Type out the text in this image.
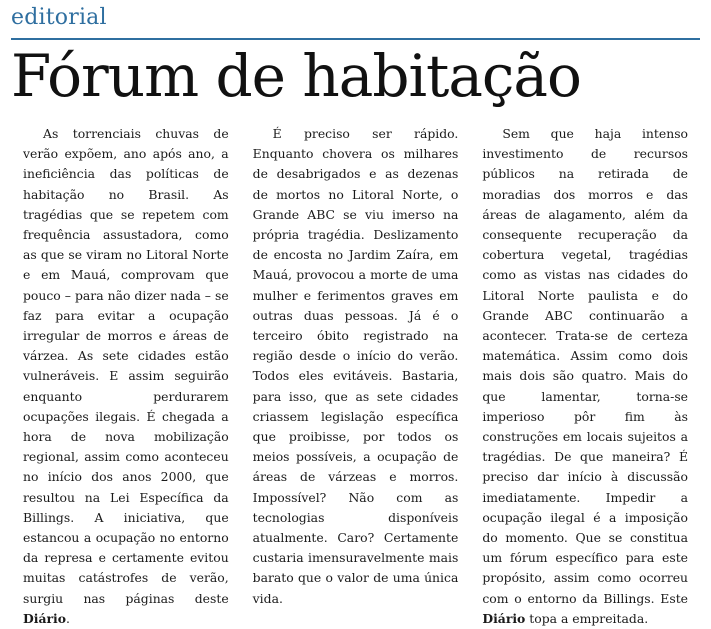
editorial
Fórum de habitação

As torrenciais chuvas de verão expõem, ano após ano, a ineficiência das políticas de habitação no Brasil. As tragédias que se repetem com frequência assustadora, como as que se viram no Litoral Norte e em Mauá, comprovam que pouco – para não dizer nada – se faz para evitar a ocupação irregular de morros e áreas de várzea. As sete cidades estão vulneráveis. E assim seguirão enquanto perdurarem ocupações ilegais. É chegada a hora de nova mobilização regional, assim como aconteceu no início dos anos 2000, que resultou na Lei Específica da Billings. A iniciativa, que estancou a ocupação no entorno da represa e certamente evitou muitas catástrofes de verão, surgiu nas páginas deste Diário.

É preciso ser rápido. Enquanto chovera os milhares de desabrigados e as dezenas de mortos no Litoral Norte, o Grande ABC se viu imerso na própria tragédia. Deslizamento de encosta no Jardim Zaíra, em Mauá, provocou a morte de uma mulher e ferimentos graves em outras duas pessoas. Já é o terceiro óbito registrado na região desde o início do verão. Todos eles evitáveis. Bastaria, para isso, que as sete cidades criassem legislação específica que proibisse, por todos os meios possíveis, a ocupação de áreas de várzeas e morros. Impossível? Não com as tecnologias disponíveis atualmente. Caro? Certamente custaria imensuravelmente mais barato que o valor de uma única vida.

Sem que haja intenso investimento de recursos públicos na retirada de moradias dos morros e das áreas de alagamento, além da consequente recuperação da cobertura vegetal, tragédias como as vistas nas cidades do Litoral Norte paulista e do Grande ABC continuarão a acontecer. Trata-se de certeza matemática. Assim como dois mais dois são quatro. Mais do que lamentar, torna-se imperioso pôr fim às construções em locais sujeitos a tragédias. De que maneira? É preciso dar início à discussão imediatamente. Impedir a ocupação ilegal é a imposição do momento. Que se constitua um fórum específico para este propósito, assim como ocorreu com o entorno da Billings. Este Diário topa a empreitada.
